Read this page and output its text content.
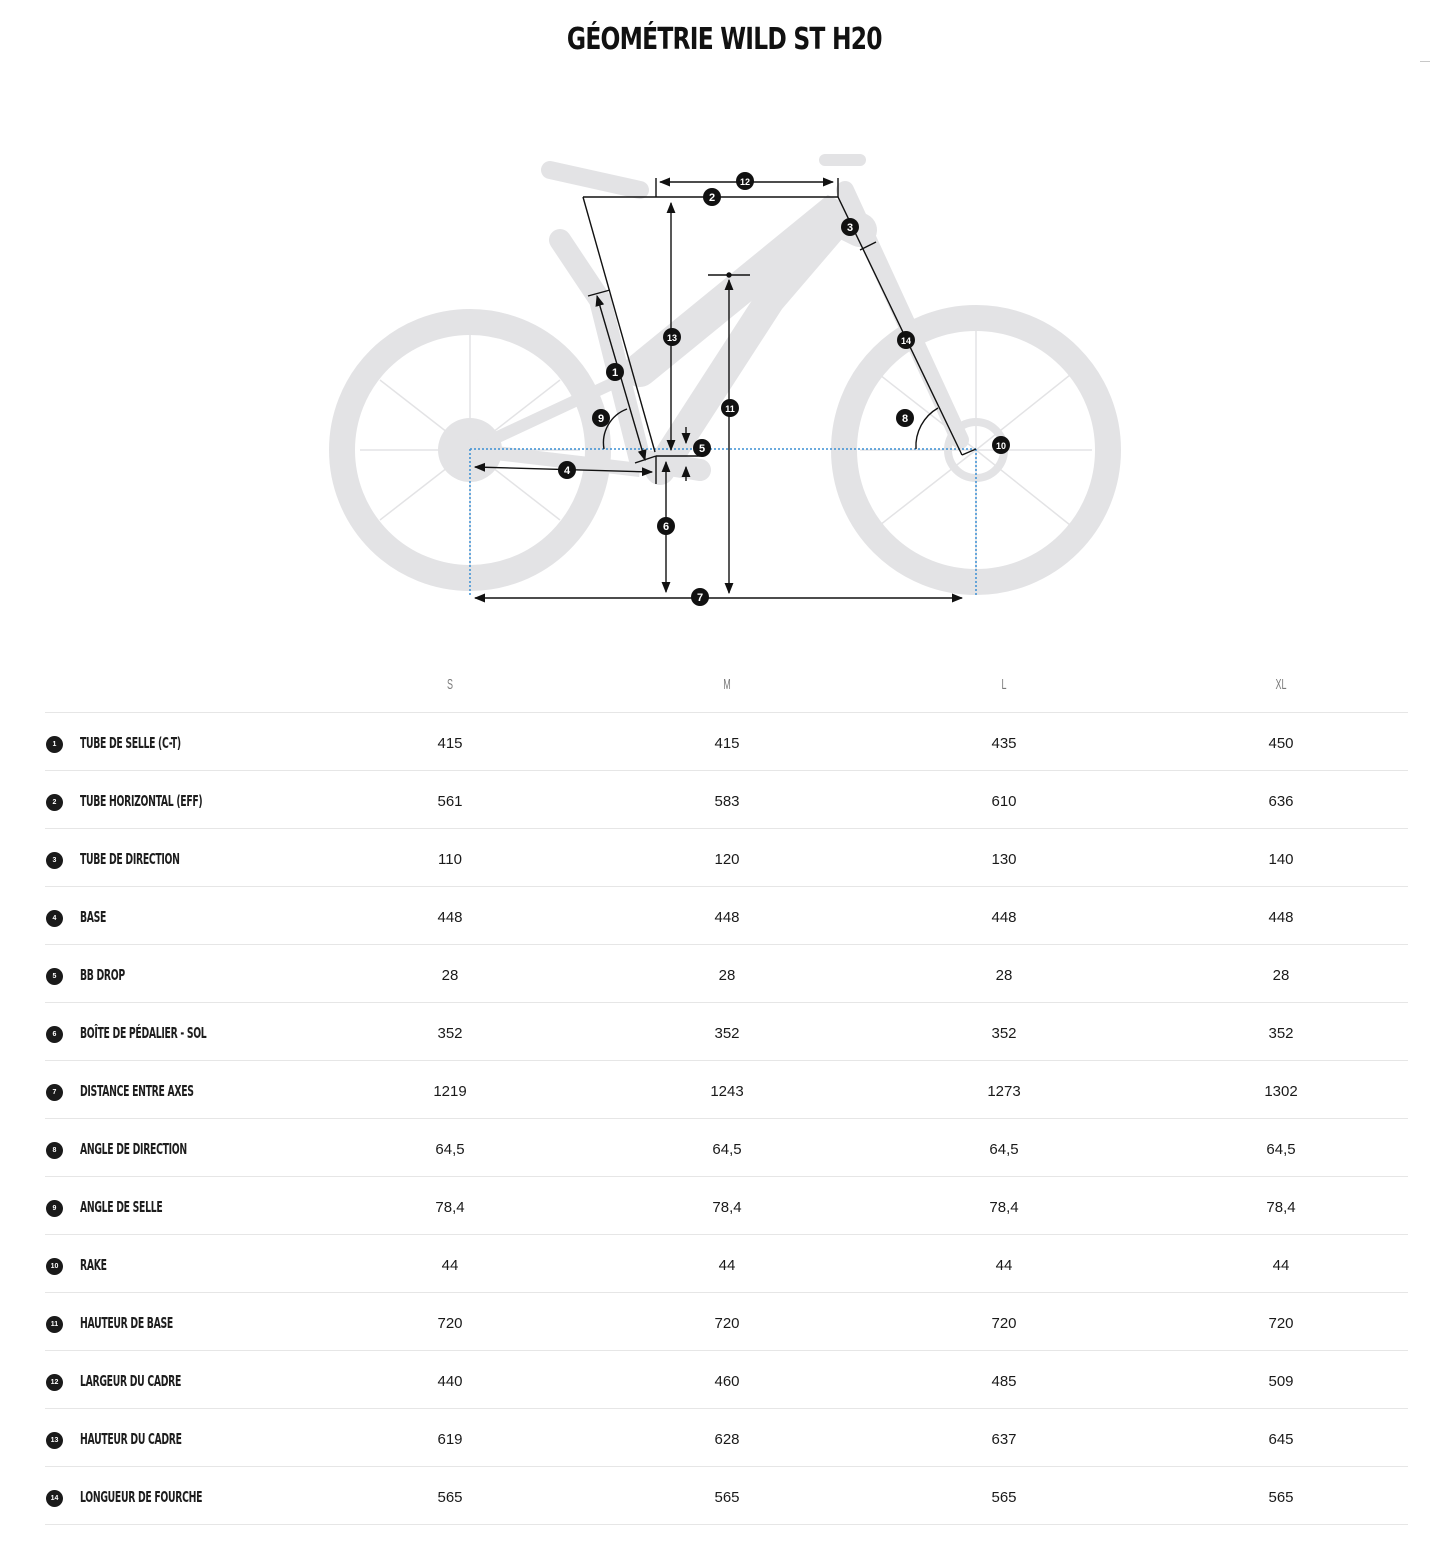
GÉOMÉTRIE WILD ST H20
1
2
3
4
5
6
7
8
9
10
11
12
13	14
S	M	L	XL
1	TUBE DE SELLE (C-T)	415	415	435	450
2	TUBE HORIZONTAL (EFF)	561	583	610	636
3	TUBE DE DIRECTION	110	120	130	140
4	BASE	448	448	448	448
5	BB DROP	28	28	28	28
6	BOÎTE DE PÉDALIER - SOL	352	352	352	352
7	DISTANCE ENTRE AXES	1219	1243	1273	1302
8	ANGLE DE DIRECTION	64,5	64,5	64,5	64,5
9	ANGLE DE SELLE	78,4	78,4	78,4	78,4
10	RAKE	44	44	44	44
11	HAUTEUR DE BASE	720	720	720	720
12	LARGEUR DU CADRE	440	460	485	509
13	HAUTEUR DU CADRE	619	628	637	645
14	LONGUEUR DE FOURCHE	565	565	565	565
